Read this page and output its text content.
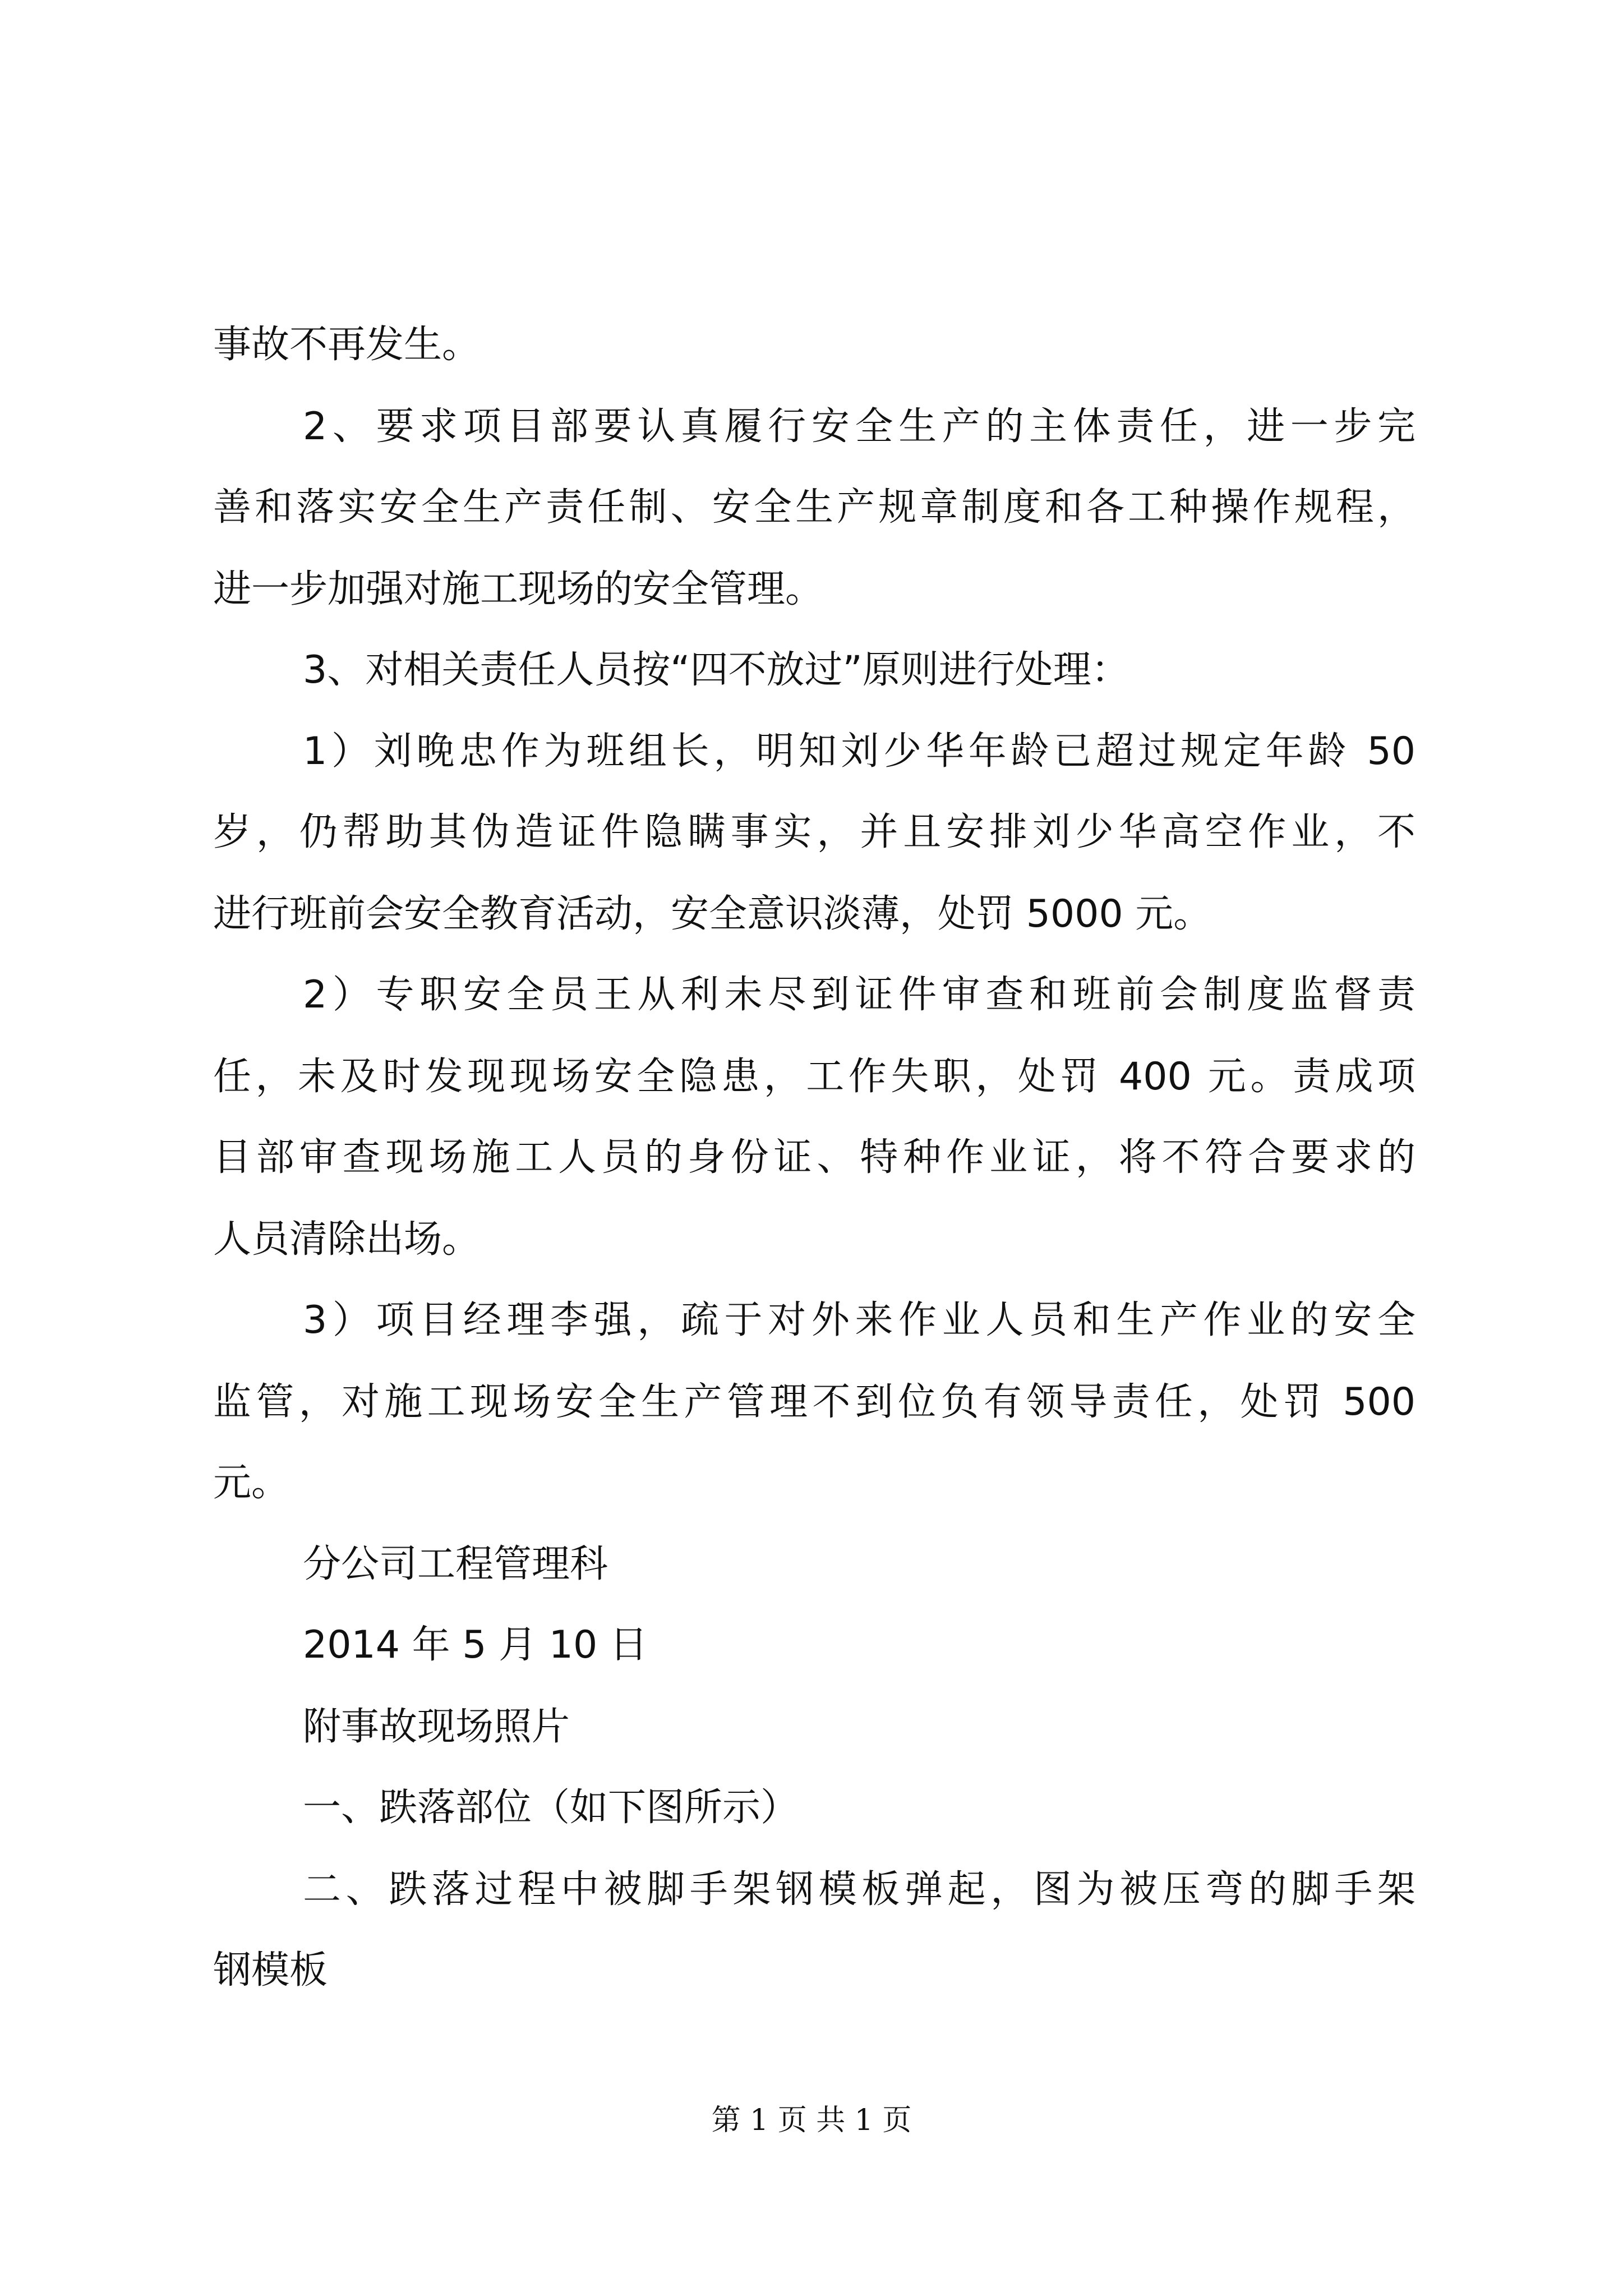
事故不再发生。
2、要求项目部要认真履行安全生产的主体责任，进一步完
善和落实安全生产责任制、安全生产规章制度和各工种操作规程，
进一步加强对施工现场的安全管理。
3、对相关责任人员按“四不放过”原则进行处理：
1）刘晚忠作为班组长，明知刘少华年龄已超过规定年龄 50
岁，仍帮助其伪造证件隐瞒事实，并且安排刘少华高空作业，不
进行班前会安全教育活动，安全意识淡薄，处罚 5000 元。
2）专职安全员王从利未尽到证件审查和班前会制度监督责
任，未及时发现现场安全隐患，工作失职，处罚 400 元。责成项
目部审查现场施工人员的身份证、特种作业证，将不符合要求的
人员清除出场。
3）项目经理李强，疏于对外来作业人员和生产作业的安全
监管，对施工现场安全生产管理不到位负有领导责任，处罚 500
元。
分公司工程管理科
2014 年 5 月 10 日
附事故现场照片
一、跌落部位（如下图所示）
二、跌落过程中被脚手架钢模板弹起，图为被压弯的脚手架
钢模板
第 1 页 共 1 页
